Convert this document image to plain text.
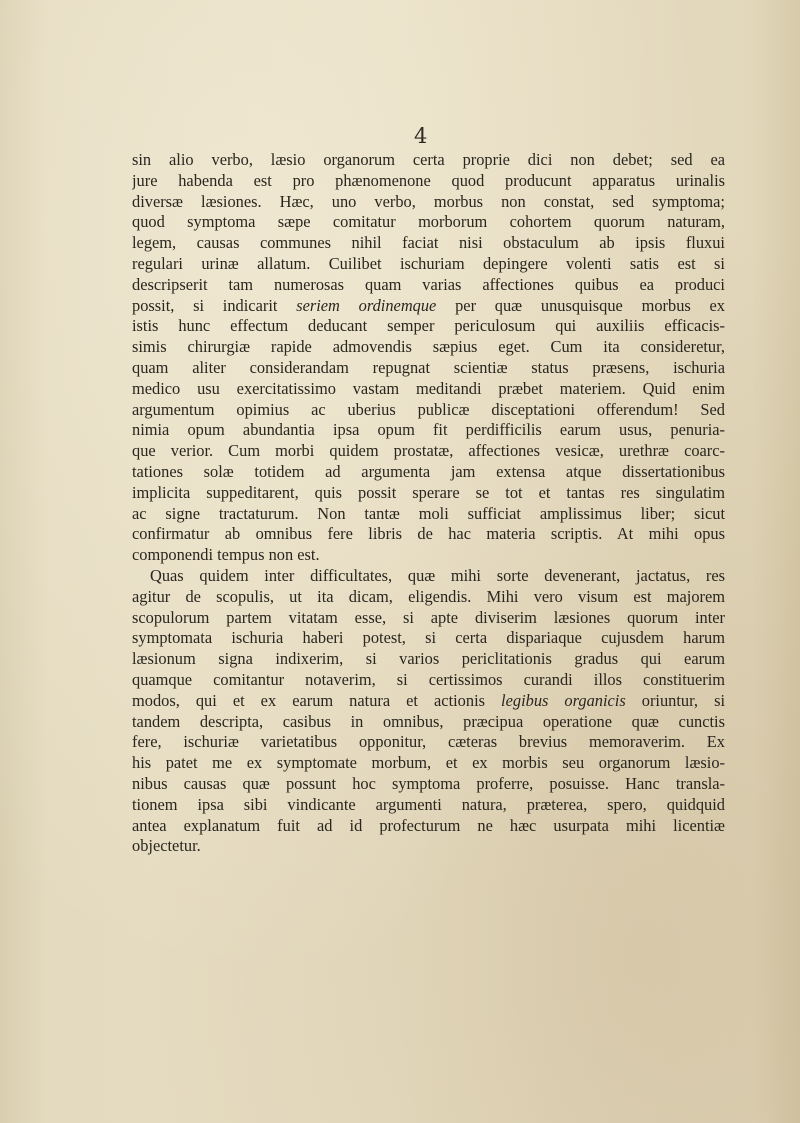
4

sin alio verbo, læsio organorum certa proprie dici non debet; sed ea
jure habenda est pro phænomenone quod producunt apparatus urinalis
diversæ læsiones. Hæc, uno verbo, morbus non constat, sed symptoma;
quod symptoma sæpe comitatur morborum cohortem quorum naturam,
legem, causas communes nihil faciat nisi obstaculum ab ipsis fluxui
regulari urinæ allatum. Cuilibet ischuriam depingere volenti satis est si
descripserit tam numerosas quam varias affectiones quibus ea produci
possit, si indicarit seriem ordinemque per quæ unusquisque morbus ex
istis hunc effectum deducant semper periculosum qui auxiliis efficacis-
simis chirurgiæ rapide admovendis sæpius eget. Cum ita consideretur,
quam aliter considerandam repugnat scientiæ status præsens, ischuria
medico usu exercitatissimo vastam meditandi præbet materiem. Quid enim
argumentum opimius ac uberius publicæ disceptationi offerendum! Sed
nimia opum abundantia ipsa opum fit perdifficilis earum usus, penuria-
que verior. Cum morbi quidem prostatæ, affectiones vesicæ, urethræ coarc-
tationes solæ totidem ad argumenta jam extensa atque dissertationibus
implicita suppeditarent, quis possit sperare se tot et tantas res singulatim
ac signe tractaturum. Non tantæ moli sufficiat amplissimus liber; sicut
confirmatur ab omnibus fere libris de hac materia scriptis. At mihi opus
componendi tempus non est.

Quas quidem inter difficultates, quæ mihi sorte devenerant, jactatus, res
agitur de scopulis, ut ita dicam, eligendis. Mihi vero visum est majorem
scopulorum partem vitatam esse, si apte diviserim læsiones quorum inter
symptomata ischuria haberi potest, si certa dispariaque cujusdem harum
læsionum signa indixerim, si varios periclitationis gradus qui earum
quamque comitantur notaverim, si certissimos curandi illos constituerim
modos, qui et ex earum natura et actionis legibus organicis oriuntur, si
tandem descripta, casibus in omnibus, præcipua operatione quæ cunctis
fere, ischuriæ varietatibus opponitur, cæteras brevius memoraverim. Ex
his patet me ex symptomate morbum, et ex morbis seu organorum læsio-
nibus causas quæ possunt hoc symptoma proferre, posuisse. Hanc transla-
tionem ipsa sibi vindicante argumenti natura, præterea, spero, quidquid
antea explanatum fuit ad id profecturum ne hæc usurpata mihi licentiæ
objectetur.
